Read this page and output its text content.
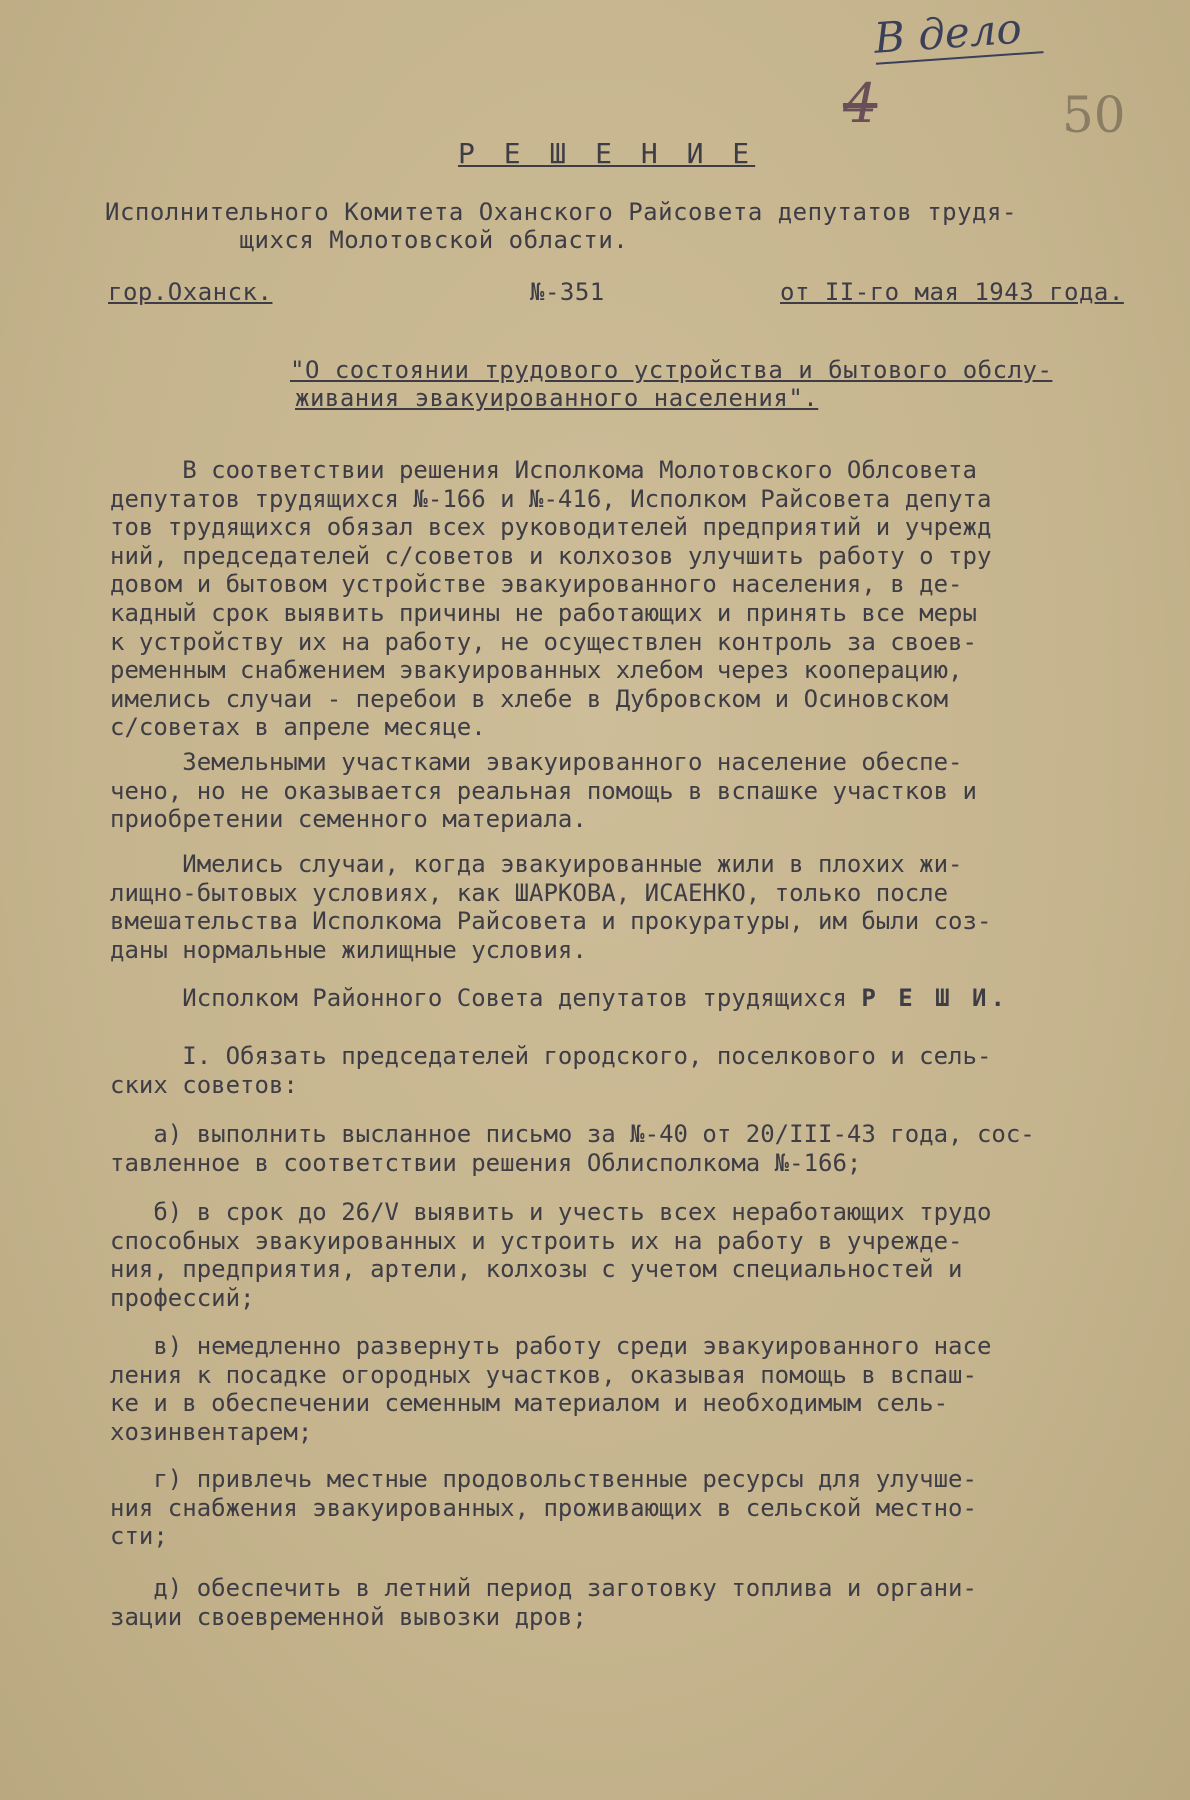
В дело
4	50
Р Е Ш Е Н И Е
Исполнительного Комитета Оханского Райсовета депутатов трудя-
щихся Молотовской области.
гор.Оханск.	№-351	от II-го мая 1943 года.
"О состоянии трудового устройства и бытового обслу-
живания эвакуированного населения".
В соответствии решения Исполкома Молотовского Облсовета
депутатов трудящихся №-166 и №-416, Исполком Райсовета депута
тов трудящихся обязал всех руководителей предприятий и учрежд
ний, председателей с/советов и колхозов улучшить работу о тру
довом и бытовом устройстве эвакуированного населения, в де-
кадный срок выявить причины не работающих и принять все меры
к устройству их на работу, не осуществлен контроль за своев-
ременным снабжением эвакуированных хлебом через кооперацию,
имелись случаи - перебои в хлебе в Дубровском и Осиновском
с/советах в апреле месяце.
Земельными участками эвакуированного население обеспе-
чено, но не оказывается реальная помощь в вспашке участков и
приобретении семенного материала.
Имелись случаи, когда эвакуированные жили в плохих жи-
лищно-бытовых условиях, как ШАРКОВА, ИСАЕНКО, только после
вмешательства Исполкома Райсовета и прокуратуры, им были соз-
даны нормальные жилищные условия.
Исполком Районного Совета депутатов трудящихся Р Е Ш И.
I. Обязать председателей городского, поселкового и сель-
ских советов:
а) выполнить высланное письмо за №-40 от 20/III-43 года, сос-
тавленное в соответствии решения Облисполкома №-166;
б) в срок до 26/V выявить и учесть всех неработающих трудо
способных эвакуированных и устроить их на работу в учрежде-
ния, предприятия, артели, колхозы с учетом специальностей и
профессий;
в) немедленно развернуть работу среди эвакуированного насе
ления к посадке огородных участков, оказывая помощь в вспаш-
ке и в обеспечении семенным материалом и необходимым сель-
хозинвентарем;
г) привлечь местные продовольственные ресурсы для улучше-
ния снабжения эвакуированных, проживающих в сельской местно-
сти;
д) обеспечить в летний период заготовку топлива и органи-
зации своевременной вывозки дров;
